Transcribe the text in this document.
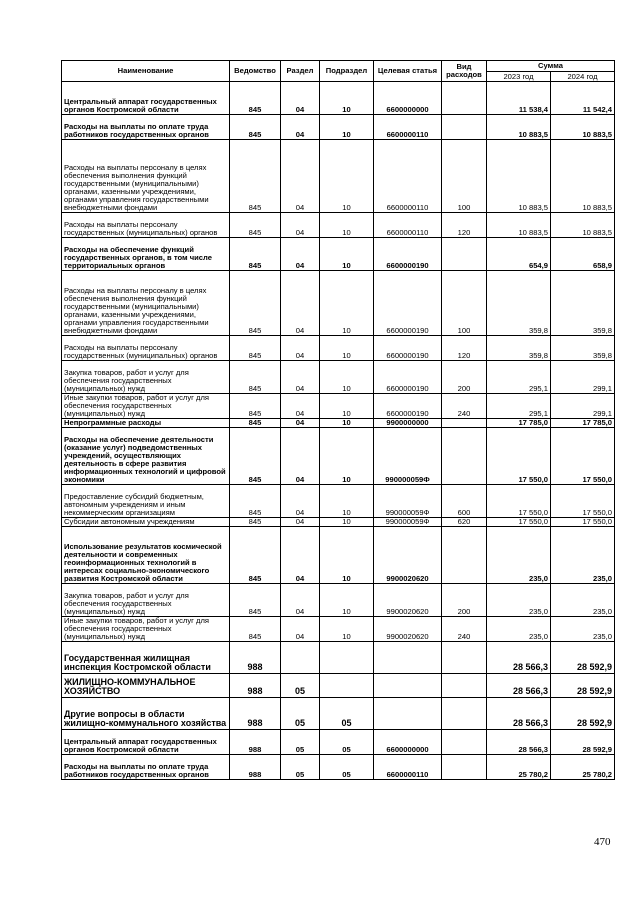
Наименование	Ведомство	Раздел	Подраздел	Целевая статья	Вид расходов	Сумма	
						2023 год	2024 год
Центральный аппарат государственных органов Костромской области	845	04	10	6600000000		11 538,4	11 542,4
Расходы на выплаты по оплате труда работников государственных органов	845	04	10	6600000110		10 883,5	10 883,5
Расходы на выплаты персоналу в целях обеспечения выполнения функций государственными (муниципальными) органами, казенными учреждениями, органами управления государственными внебюджетными фондами	845	04	10	6600000110	100	10 883,5	10 883,5
Расходы на выплаты персоналу государственных (муниципальных) органов	845	04	10	6600000110	120	10 883,5	10 883,5
Расходы на обеспечение функций государственных органов, в том числе территориальных органов	845	04	10	6600000190		654,9	658,9
Расходы на выплаты персоналу в целях обеспечения выполнения функций государственными (муниципальными) органами, казенными учреждениями, органами управления государственными внебюджетными фондами	845	04	10	6600000190	100	359,8	359,8
Расходы на выплаты персоналу государственных (муниципальных) органов	845	04	10	6600000190	120	359,8	359,8
Закупка товаров, работ и услуг для обеспечения государственных (муниципальных) нужд	845	04	10	6600000190	200	295,1	299,1
Иные закупки товаров, работ и услуг для обеспечения государственных (муниципальных) нужд	845	04	10	6600000190	240	295,1	299,1
Непрограммные расходы	845	04	10	9900000000		17 785,0	17 785,0
Расходы на обеспечение деятельности (оказание услуг) подведомственных учреждений, осуществляющих деятельность в сфере развития информационных технологий и цифровой экономики	845	04	10	990000059Ф		17 550,0	17 550,0
Предоставление субсидий бюджетным, автономным учреждениям и иным некоммерческим организациям	845	04	10	990000059Ф	600	17 550,0	17 550,0
Субсидии автономным учреждениям	845	04	10	990000059Ф	620	17 550,0	17 550,0
Использование результатов космической деятельности и современных геоинформационных технологий в интересах социально-экономического развития Костромской области	845	04	10	9900020620		235,0	235,0
Закупка товаров, работ и услуг для обеспечения государственных (муниципальных) нужд	845	04	10	9900020620	200	235,0	235,0
Иные закупки товаров, работ и услуг для обеспечения государственных (муниципальных) нужд	845	04	10	9900020620	240	235,0	235,0
Государственная жилищная инспекция Костромской области	988					28 566,3	28 592,9
ЖИЛИЩНО-КОММУНАЛЬНОЕ ХОЗЯЙСТВО	988	05				28 566,3	28 592,9
Другие вопросы в области жилищно-коммунального хозяйства	988	05	05			28 566,3	28 592,9
Центральный аппарат государственных органов Костромской области	988	05	05	6600000000		28 566,3	28 592,9
Расходы на выплаты по оплате труда работников государственных органов	988	05	05	6600000110		25 780,2	25 780,2
470
